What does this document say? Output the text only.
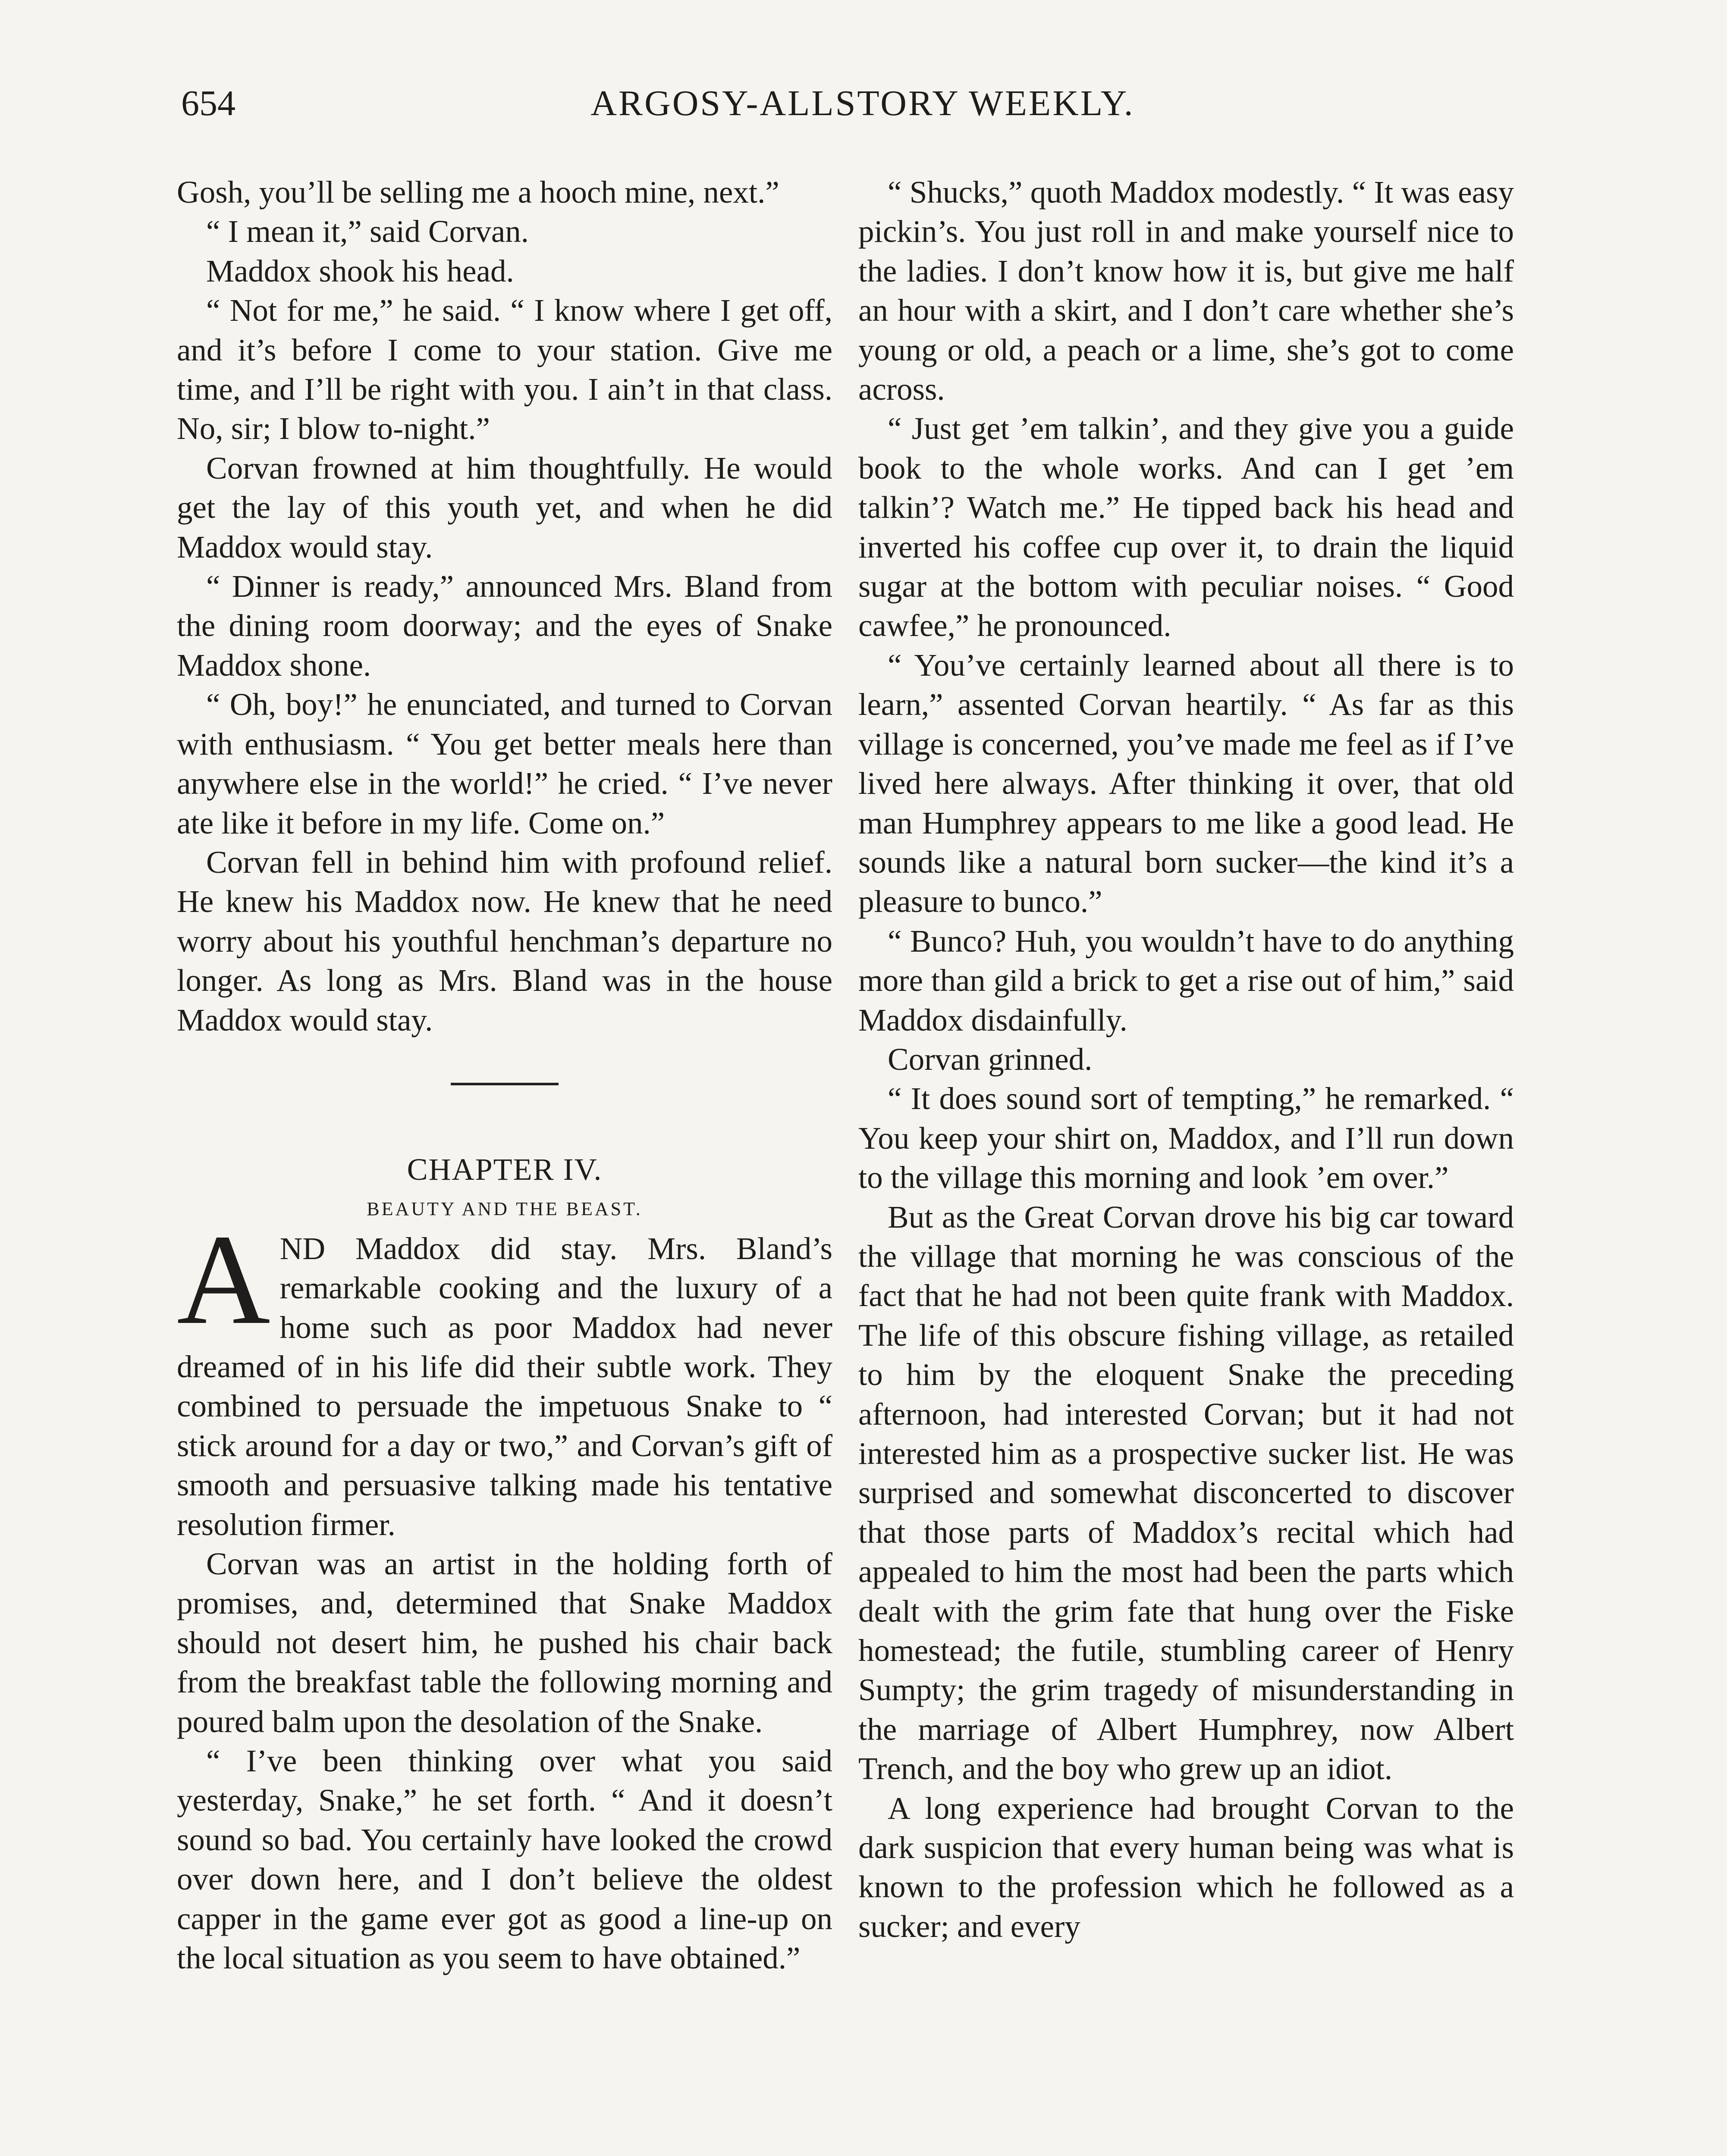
654	ARGOSY-ALLSTORY WEEKLY.

Gosh, you’ll be selling me a hooch mine, next.”

“ I mean it,” said Corvan.

Maddox shook his head.

“ Not for me,” he said. “ I know where I get off, and it’s before I come to your station. Give me time, and I’ll be right with you. I ain’t in that class. No, sir; I blow to-night.”

Corvan frowned at him thoughtfully. He would get the lay of this youth yet, and when he did Maddox would stay.

“ Dinner is ready,” announced Mrs. Bland from the dining room doorway; and the eyes of Snake Maddox shone.

“ Oh, boy!” he enunciated, and turned to Corvan with enthusiasm. “ You get better meals here than anywhere else in the world!” he cried. “ I’ve never ate like it before in my life. Come on.”

Corvan fell in behind him with profound relief. He knew his Maddox now. He knew that he need worry about his youthful henchman’s departure no longer. As long as Mrs. Bland was in the house Maddox would stay.

CHAPTER IV.

BEAUTY AND THE BEAST.

AND Maddox did stay. Mrs. Bland’s remarkable cooking and the luxury of a home such as poor Maddox had never dreamed of in his life did their subtle work. They combined to persuade the impetuous Snake to “ stick around for a day or two,” and Corvan’s gift of smooth and persuasive talking made his tentative resolution firmer.

Corvan was an artist in the holding forth of promises, and, determined that Snake Maddox should not desert him, he pushed his chair back from the breakfast table the following morning and poured balm upon the desolation of the Snake.

“ I’ve been thinking over what you said yesterday, Snake,” he set forth. “ And it doesn’t sound so bad. You certainly have looked the crowd over down here, and I don’t believe the oldest capper in the game ever got as good a line-up on the local situation as you seem to have obtained.”

“ Shucks,” quoth Maddox modestly. “ It was easy pickin’s. You just roll in and make yourself nice to the ladies. I don’t know how it is, but give me half an hour with a skirt, and I don’t care whether she’s young or old, a peach or a lime, she’s got to come across.

“ Just get ’em talkin’, and they give you a guide book to the whole works. And can I get ’em talkin’? Watch me.” He tipped back his head and inverted his coffee cup over it, to drain the liquid sugar at the bottom with peculiar noises. “ Good cawfee,” he pronounced.

“ You’ve certainly learned about all there is to learn,” assented Corvan heartily. “ As far as this village is concerned, you’ve made me feel as if I’ve lived here always. After thinking it over, that old man Humphrey appears to me like a good lead. He sounds like a natural born sucker—the kind it’s a pleasure to bunco.”

“ Bunco? Huh, you wouldn’t have to do anything more than gild a brick to get a rise out of him,” said Maddox disdainfully.

Corvan grinned.

“ It does sound sort of tempting,” he remarked. “ You keep your shirt on, Maddox, and I’ll run down to the village this morning and look ’em over.”

But as the Great Corvan drove his big car toward the village that morning he was conscious of the fact that he had not been quite frank with Maddox. The life of this obscure fishing village, as retailed to him by the eloquent Snake the preceding afternoon, had interested Corvan; but it had not interested him as a prospective sucker list. He was surprised and somewhat disconcerted to discover that those parts of Maddox’s recital which had appealed to him the most had been the parts which dealt with the grim fate that hung over the Fiske homestead; the futile, stumbling career of Henry Sumpty; the grim tragedy of misunderstanding in the marriage of Albert Humphrey, now Albert Trench, and the boy who grew up an idiot.

A long experience had brought Corvan to the dark suspicion that every human being was what is known to the profession which he followed as a sucker; and every
